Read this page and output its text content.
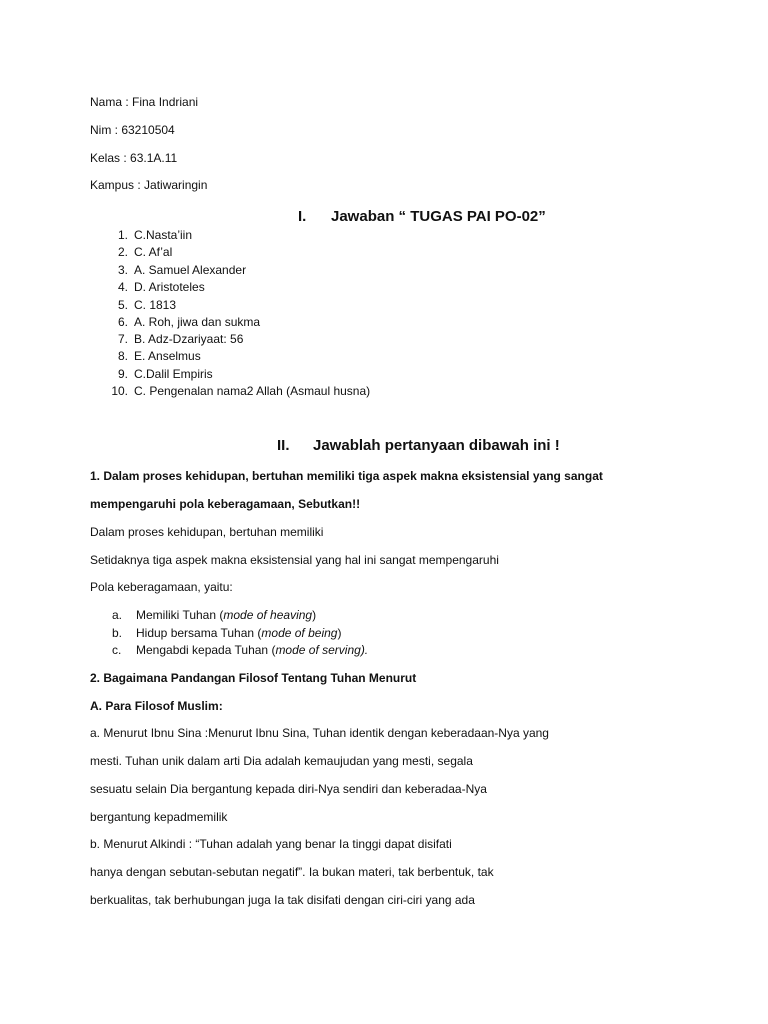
Nama : Fina Indriani
Nim : 63210504
Kelas : 63.1A.11
Kampus : Jatiwaringin
I. Jawaban “ TUGAS PAI PO-02”
1. C.Nasta’iin
2. C. Af’al
3. A. Samuel Alexander
4. D. Aristoteles
5. C. 1813
6. A. Roh, jiwa dan sukma
7. B. Adz-Dzariyaat: 56
8. E. Anselmus
9. C.Dalil Empiris
10. C. Pengenalan nama2 Allah (Asmaul husna)
II. Jawablah pertanyaan dibawah ini !
1. Dalam proses kehidupan, bertuhan memiliki tiga aspek makna eksistensial yang sangat
mempengaruhi pola keberagamaan, Sebutkan!!
Dalam proses kehidupan, bertuhan memiliki
Setidaknya tiga aspek makna eksistensial yang hal ini sangat mempengaruhi
Pola keberagamaan, yaitu:
a.	Memiliki Tuhan (mode of heaving)
b.	Hidup bersama Tuhan (mode of being)
c.	Mengabdi kepada Tuhan (mode of serving).
2. Bagaimana Pandangan Filosof Tentang Tuhan Menurut
A. Para Filosof Muslim:
a. Menurut Ibnu Sina :Menurut Ibnu Sina, Tuhan identik dengan keberadaan-Nya yang
mesti. Tuhan unik dalam arti Dia adalah kemaujudan yang mesti, segala
sesuatu selain Dia bergantung kepada diri-Nya sendiri dan keberadaa-Nya
bergantung kepadmemilik
b. Menurut Alkindi : “Tuhan adalah yang benar Ia tinggi dapat disifati
hanya dengan sebutan-sebutan negatif”. Ia bukan materi, tak berbentuk, tak
berkualitas, tak berhubungan juga Ia tak disifati dengan ciri-ciri yang ada
